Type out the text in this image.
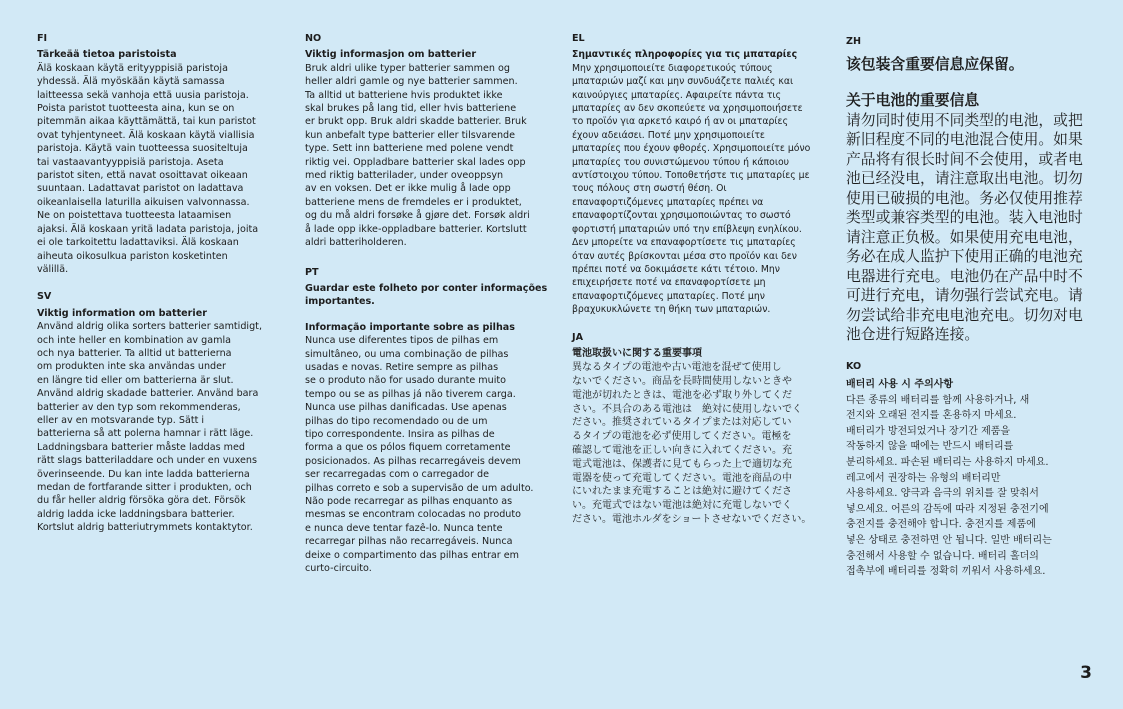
FI
Tärkeää tietoa paristoista
Älä koskaan käytä erityyppisiä paristoja
yhdessä. Älä myöskään käytä samassa
laitteessa sekä vanhoja että uusia paristoja.
Poista paristot tuotteesta aina, kun se on
pitemmän aikaa käyttämättä, tai kun paristot
ovat tyhjentyneet. Älä koskaan käytä viallisia
paristoja. Käytä vain tuotteessa suositeltuja
tai vastaavantyyppisiä paristoja. Aseta
paristot siten, että navat osoittavat oikeaan
suuntaan. Ladattavat paristot on ladattava
oikeanlaisella laturilla aikuisen valvonnassa.
Ne on poistettava tuotteesta lataamisen
ajaksi. Älä koskaan yritä ladata paristoja, joita
ei ole tarkoitettu ladattaviksi. Älä koskaan
aiheuta oikosulkua pariston kosketinten
välillä.
SV
Viktig information om batterier
Använd aldrig olika sorters batterier samtidigt,
och inte heller en kombination av gamla
och nya batterier. Ta alltid ut batterierna
om produkten inte ska användas under
en längre tid eller om batterierna är slut.
Använd aldrig skadade batterier. Använd bara
batterier av den typ som rekommenderas,
eller av en motsvarande typ. Sätt i
batterierna så att polerna hamnar i rätt läge.
Laddningsbara batterier måste laddas med
rätt slags batteriladdare och under en vuxens
överinseende. Du kan inte ladda batterierna
medan de fortfarande sitter i produkten, och
du får heller aldrig försöka göra det. Försök
aldrig ladda icke laddningsbara batterier.
Kortslut aldrig batteriutrymmets kontaktytor.
NO
Viktig informasjon om batterier
Bruk aldri ulike typer batterier sammen og
heller aldri gamle og nye batterier sammen.
Ta alltid ut batteriene hvis produktet ikke
skal brukes på lang tid, eller hvis batteriene
er brukt opp. Bruk aldri skadde batterier. Bruk
kun anbefalt type batterier eller tilsvarende
type. Sett inn batteriene med polene vendt
riktig vei. Oppladbare batterier skal lades opp
med riktig batterilader, under oveoppsyn
av en voksen. Det er ikke mulig å lade opp
batteriene mens de fremdeles er i produktet,
og du må aldri forsøke å gjøre det. Forsøk aldri
å lade opp ikke-oppladbare batterier. Kortslutt
aldri batteriholderen.
PT
Guardar este folheto por conter informações
importantes.
Informação importante sobre as pilhas
Nunca use diferentes tipos de pilhas em
simultâneo, ou uma combinação de pilhas
usadas e novas. Retire sempre as pilhas
se o produto não for usado durante muito
tempo ou se as pilhas já não tiverem carga.
Nunca use pilhas danificadas. Use apenas
pilhas do tipo recomendado ou de um
tipo correspondente. Insira as pilhas de
forma a que os pólos fiquem corretamente
posicionados. As pilhas recarregáveis devem
ser recarregadas com o carregador de
pilhas correto e sob a supervisão de um adulto.
Não pode recarregar as pilhas enquanto as
mesmas se encontram colocadas no produto
e nunca deve tentar fazê-lo. Nunca tente
recarregar pilhas não recarregáveis. Nunca
deixe o compartimento das pilhas entrar em
curto-circuito.
EL
Σημαντικές πληροφορίες για τις μπαταρίες
Μην χρησιμοποιείτε διαφορετικούς τύπους
μπαταριών μαζί και μην συνδυάζετε παλιές και
καινούργιες μπαταρίες. Αφαιρείτε πάντα τις
μπαταρίες αν δεν σκοπεύετε να χρησιμοποιήσετε
το προϊόν για αρκετό καιρό ή αν οι μπαταρίες
έχουν αδειάσει. Ποτέ μην χρησιμοποιείτε
μπαταρίες που έχουν φθορές. Χρησιμοποιείτε μόνο
μπαταρίες του συνιστώμενου τύπου ή κάποιου
αντίστοιχου τύπου. Τοποθετήστε τις μπαταρίες με
τους πόλους στη σωστή θέση. Οι
επαναφορτιζόμενες μπαταρίες πρέπει να
επαναφορτίζονται χρησιμοποιώντας το σωστό
φορτιστή μπαταριών υπό την επίβλεψη ενηλίκου.
Δεν μπορείτε να επαναφορτίσετε τις μπαταρίες
όταν αυτές βρίσκονται μέσα στο προϊόν και δεν
πρέπει ποτέ να δοκιμάσετε κάτι τέτοιο. Μην
επιχειρήσετε ποτέ να επαναφορτίσετε μη
επαναφορτιζόμενες μπαταρίες. Ποτέ μην
βραχυκυκλώνετε τη θήκη των μπαταριών.
JA
電池取扱いに関する重要事項
異なるタイプの電池や古い電池を混ぜて使用し
ないでください。商品を長時間使用しないときや
電池が切れたときは、電池を必ず取り外してくだ
さい。不具合のある電池は　絶対に使用しないでく
ださい。推奨されているタイプまたは対応してい
るタイプの電池を必ず使用してください。電極を
確認して電池を正しい向きに入れてください。充
電式電池は、保護者に見てもらった上で適切な充
電器を使って充電してください。電池を商品の中
にいれたまま充電することは絶対に避けてくださ
い。充電式ではない電池は絶対に充電しないでく
ださい。電池ホルダをショートさせないでください。
ZH
该包装含重要信息应保留。
关于电池的重要信息
请勿同时使用不同类型的电池，或把
新旧程度不同的电池混合使用。如果
产品将有很长时间不会使用，或者电
池已经没电，请注意取出电池。切勿
使用已破损的电池。务必仅使用推荐
类型或兼容类型的电池。装入电池时
请注意正负极。如果使用充电电池，
务必在成人监护下使用正确的电池充
电器进行充电。电池仍在产品中时不
可进行充电，请勿强行尝试充电。请
勿尝试给非充电电池充电。切勿对电
池仓进行短路连接。
KO
배터리 사용 시 주의사항
다른 종류의 배터리를 함께 사용하거나, 새
전지와 오래된 전지를 혼용하지 마세요.
배터리가 방전되었거나 장기간 제품을
작동하지 않을 때에는 반드시 배터리를
분리하세요. 파손된 배터리는 사용하지 마세요.
레고에서 권장하는 유형의 배터리만
사용하세요. 양극과 음극의 위치를 잘 맞춰서
넣으세요. 어른의 감독에 따라 지정된 충전기에
충전지를 충전해야 합니다. 충전지를 제품에
넣은 상태로 충전하면 안 됩니다. 일반 배터리는
충전해서 사용할 수 없습니다. 배터리 홀더의
접촉부에 배터리를 정확히 끼워서 사용하세요.
3
